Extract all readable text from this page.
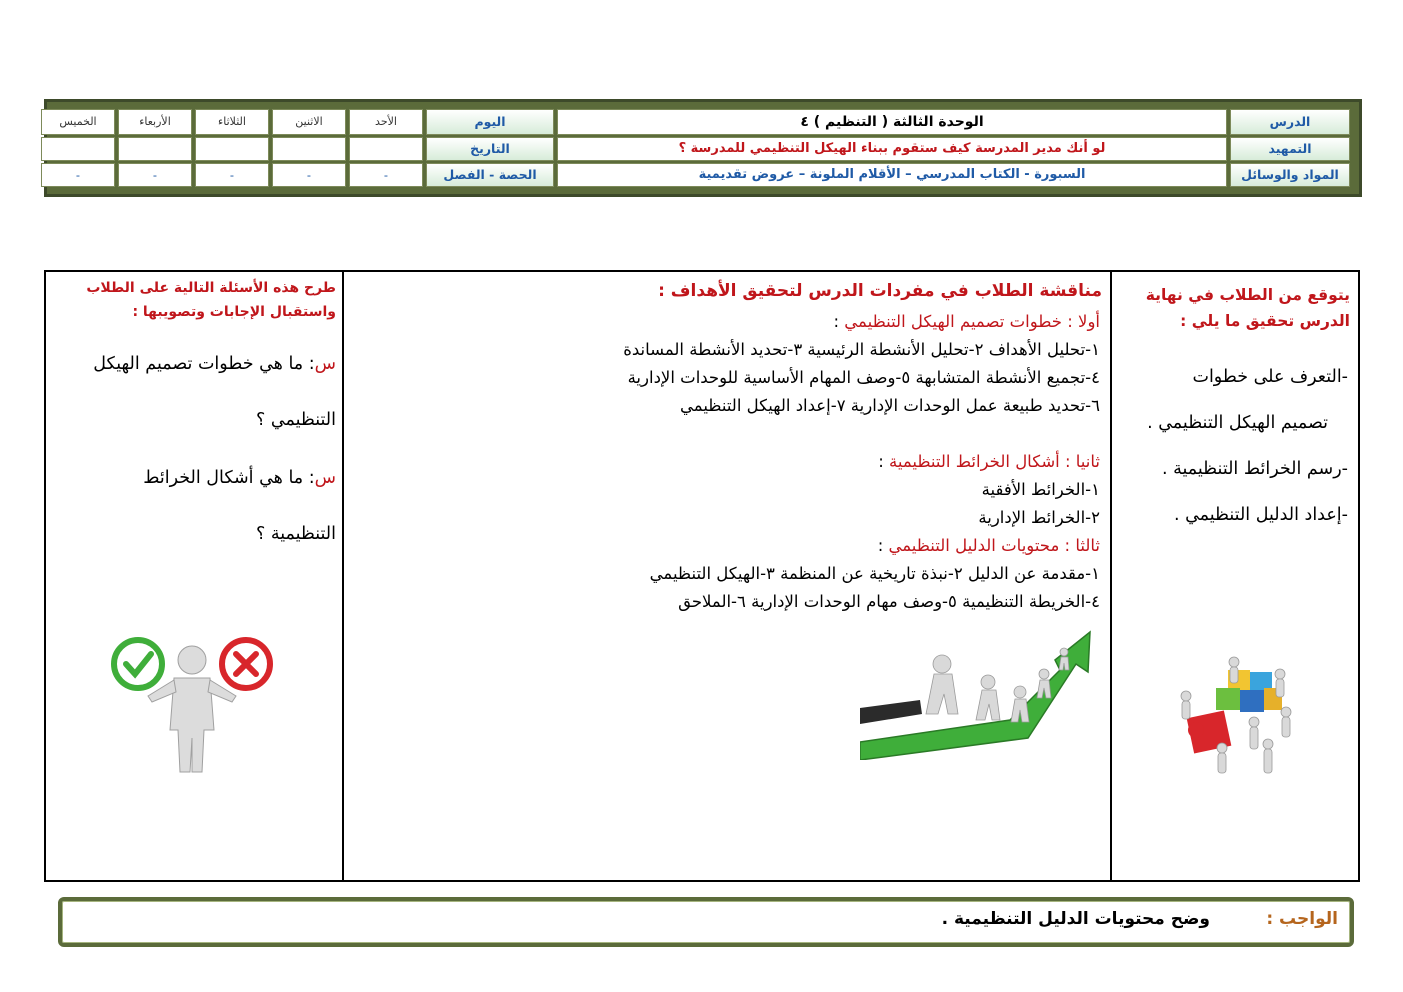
الدرس	الوحدة الثالثة ( التنظيم ) ٤	اليوم	الأحد	الاثنين	الثلاثاء	الأربعاء	الخميس
التمهيد	لو أنك مدير المدرسة كيف ستقوم ببناء الهيكل التنظيمي للمدرسة ؟	التاريخ					
المواد والوسائل	السبورة - الكتاب المدرسي – الأقلام الملونة – عروض تقديمية	الحصة - الفصل	-	-	-	-	-
يتوقع من الطلاب في نهاية الدرس تحقيق ما يلي :
-التعرف على خطوات
تصميم الهيكل التنظيمي .
-رسم الخرائط التنظيمية .
-إعداد الدليل التنظيمي .
مناقشة الطلاب في مفردات الدرس لتحقيق الأهداف :
أولا : خطوات تصميم الهيكل التنظيمي :
١-تحليل الأهداف ٢-تحليل الأنشطة الرئيسية ٣-تحديد الأنشطة المساندة
٤-تجميع الأنشطة المتشابهة ٥-وصف المهام الأساسية للوحدات الإدارية
٦-تحديد طبيعة عمل الوحدات الإدارية ٧-إعداد الهيكل التنظيمي
ثانيا : أشكال الخرائط التنظيمية :
١-الخرائط الأفقية
٢-الخرائط الإدارية
ثالثا : محتويات الدليل التنظيمي :
١-مقدمة عن الدليل ٢-نبذة تاريخية عن المنظمة ٣-الهيكل التنظيمي
٤-الخريطة التنظيمية ٥-وصف مهام الوحدات الإدارية ٦-الملاحق
طرح هذه الأسئلة التالية على الطلاب واستقبال الإجابات وتصويبها :
س: ما هي خطوات تصميم الهيكل
التنظيمي ؟
س: ما هي أشكال الخرائط
التنظيمية ؟
الواجب :
وضح محتويات الدليل التنظيمية .
